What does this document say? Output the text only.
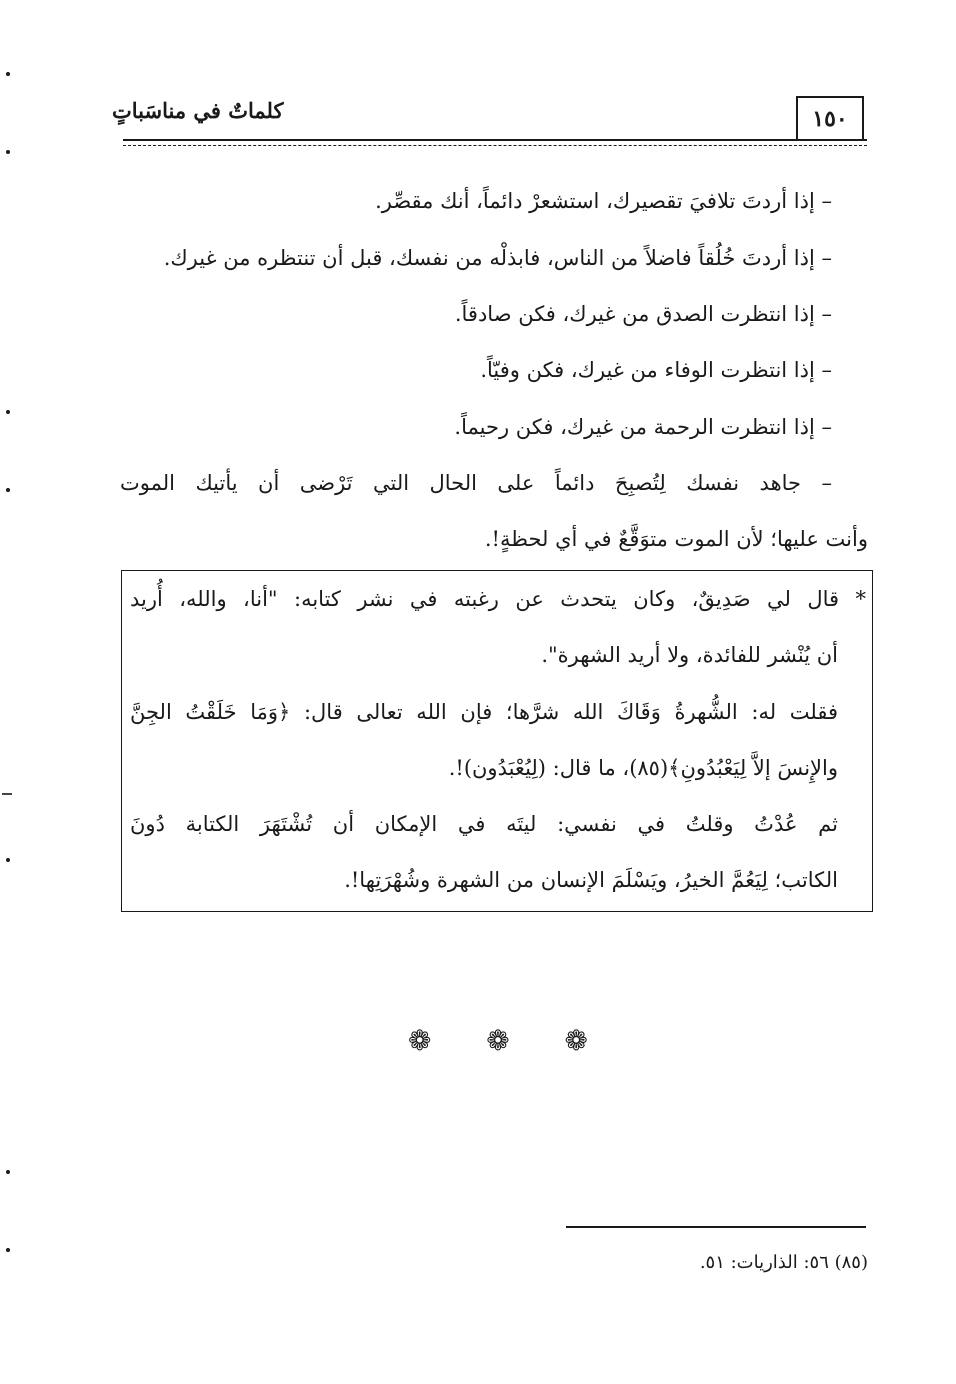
كلماتٌ في مناسَباتٍ	١٥٠
– إذا أردتَ تلافيَ تقصيرك، استشعرْ دائماً، أنك مقصِّر.
– إذا أردتَ خُلُقاً فاضلاً من الناس، فابذلْه من نفسك، قبل أن تنتظره من غيرك.
– إذا انتظرت الصدق من غيرك، فكن صادقاً.
– إذا انتظرت الوفاء من غيرك، فكن وفيّاً.
– إذا انتظرت الرحمة من غيرك، فكن رحيماً.
– جاهد نفسك لِتُصبِحَ دائماً على الحال التي تَرْضى أن يأتيك الموت
وأنت عليها؛ لأن الموت متوَقَّعٌ في أي لحظةٍ!.
* قال لي صَدِيقٌ، وكان يتحدث عن رغبته في نشر كتابه: "أنا، والله، أُريد
أن يُنْشر للفائدة، ولا أريد الشهرة".
فقلت له: الشُّهرةُ وَقَاكَ الله شرَّها؛ فإن الله تعالى قال: ﴿وَمَا خَلَقْتُ الجِنَّ
والإِنسَ إلاَّ لِيَعْبُدُونِ﴾(٨٥)، ما قال: (لِيُعْبَدُون)!.
ثم عُدْتُ وقلتُ في نفسي: ليتَه في الإمكان أن تُشْتَهَرَ الكتابة دُونَ
الكاتب؛ لِيَعُمَّ الخيرُ، ويَسْلَمَ الإنسان من الشهرة وشُهْرَتِها!.
❁ ❁ ❁
(٨٥) ٥٦: الذاريات: ٥١.
